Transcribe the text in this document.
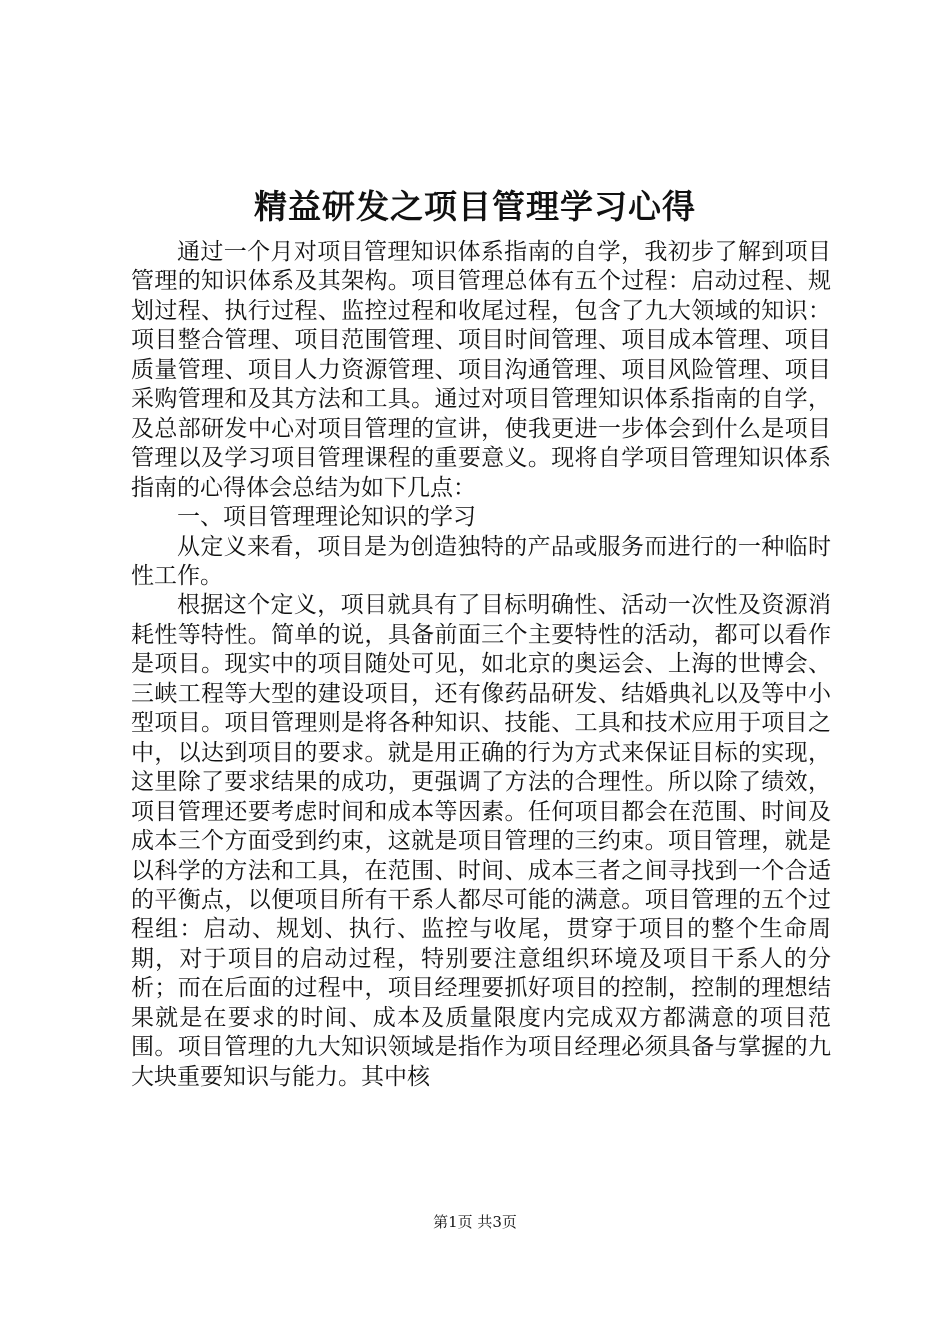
精益研发之项目管理学习心得

通过一个月对项目管理知识体系指南的自学，我初步了解到项目管理的知识体系及其架构。项目管理总体有五个过程：启动过程、规划过程、执行过程、监控过程和收尾过程，包含了九大领域的知识：项目整合管理、项目范围管理、项目时间管理、项目成本管理、项目质量管理、项目人力资源管理、项目沟通管理、项目风险管理、项目采购管理和及其方法和工具。通过对项目管理知识体系指南的自学，及总部研发中心对项目管理的宣讲，使我更进一步体会到什么是项目管理以及学习项目管理课程的重要意义。现将自学项目管理知识体系指南的心得体会总结为如下几点：

一、项目管理理论知识的学习

从定义来看，项目是为创造独特的产品或服务而进行的一种临时性工作。

根据这个定义，项目就具有了目标明确性、活动一次性及资源消耗性等特性。简单的说，具备前面三个主要特性的活动，都可以看作是项目。现实中的项目随处可见，如北京的奥运会、上海的世博会、三峡工程等大型的建设项目，还有像药品研发、结婚典礼以及等中小型项目。项目管理则是将各种知识、技能、工具和技术应用于项目之中，以达到项目的要求。就是用正确的行为方式来保证目标的实现，这里除了要求结果的成功，更强调了方法的合理性。所以除了绩效，项目管理还要考虑时间和成本等因素。任何项目都会在范围、时间及成本三个方面受到约束，这就是项目管理的三约束。项目管理，就是以科学的方法和工具，在范围、时间、成本三者之间寻找到一个合适的平衡点，以便项目所有干系人都尽可能的满意。项目管理的五个过程组：启动、规划、执行、监控与收尾，贯穿于项目的整个生命周期，对于项目的启动过程，特别要注意组织环境及项目干系人的分析；而在后面的过程中，项目经理要抓好项目的控制，控制的理想结果就是在要求的时间、成本及质量限度内完成双方都满意的项目范围。项目管理的九大知识领域是指作为项目经理必须具备与掌握的九大块重要知识与能力。其中核

第1页 共3页
